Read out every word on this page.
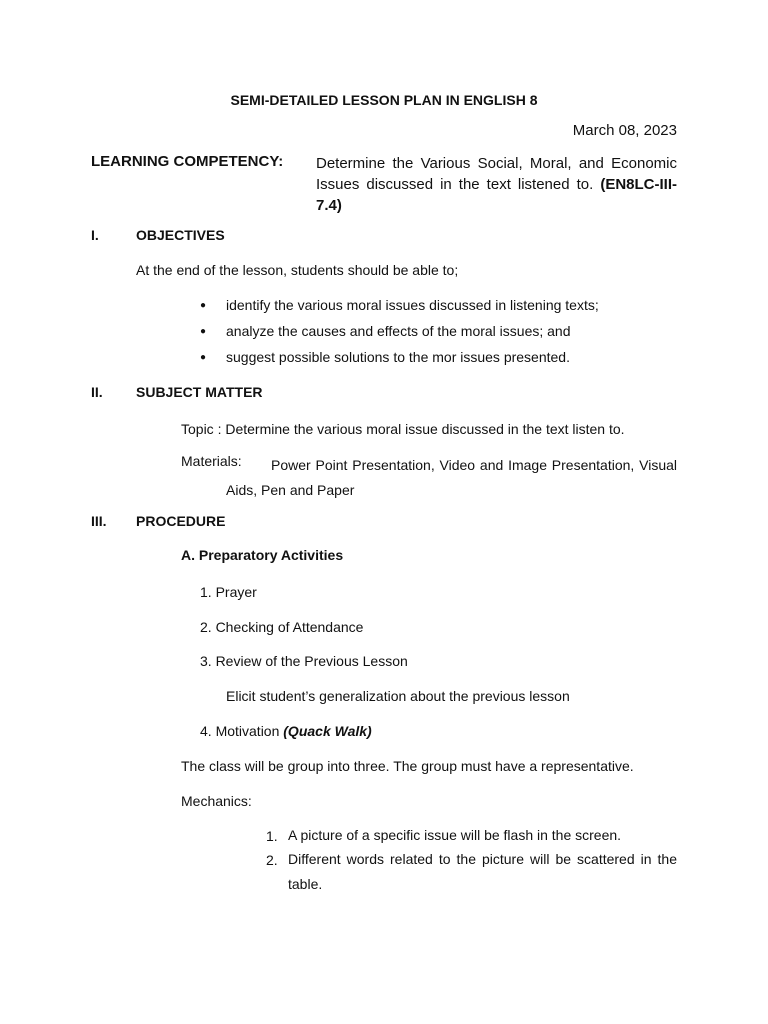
SEMI-DETAILED LESSON PLAN IN ENGLISH 8
March 08, 2023
LEARNING COMPETENCY: Determine the Various Social, Moral, and Economic Issues discussed in the text listened to. (EN8LC-III-7.4)
I.	OBJECTIVES
At the end of the lesson, students should be able to;
● identify the various moral issues discussed in listening texts;
● analyze the causes and effects of the moral issues; and
● suggest possible solutions to the mor issues presented.
II. SUBJECT MATTER
Topic : Determine the various moral issue discussed in the text listen to.
Materials:	Power Point Presentation, Video and Image Presentation, Visual Aids, Pen and Paper
III. PROCEDURE
A. Preparatory Activities
1. Prayer
2. Checking of Attendance
3. Review of the Previous Lesson
Elicit student’s generalization about the previous lesson
4. Motivation (Quack Walk)
The class will be group into three. The group must have a representative.
Mechanics:
1. A picture of a specific issue will be flash in the screen.
2. Different words related to the picture will be scattered in the table.
